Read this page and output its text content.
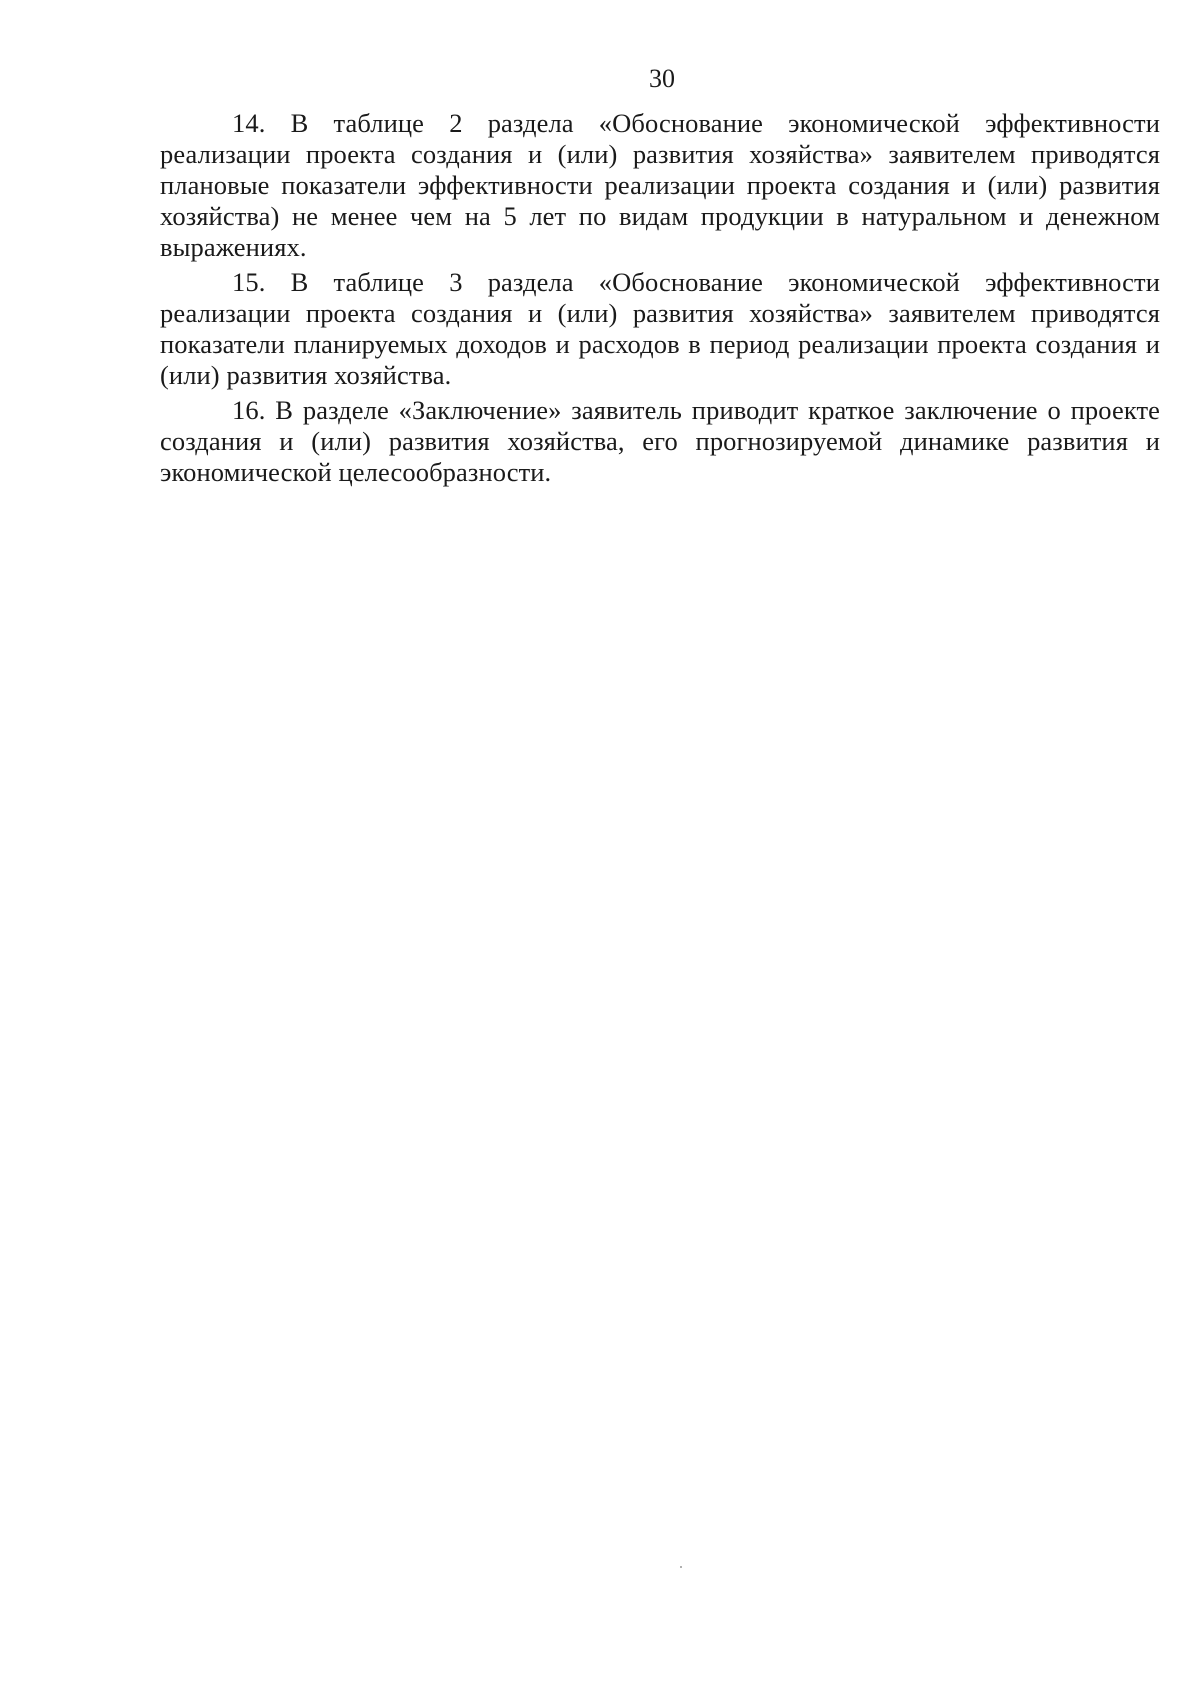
30

14. В таблице 2 раздела «Обоснование экономической эффективности реализации проекта создания и (или) развития хозяйства» заявителем приводятся плановые показатели эффективности реализации проекта создания и (или) развития хозяйства) не менее чем на 5 лет по видам продукции в натуральном и денежном выражениях.

15. В таблице 3 раздела «Обоснование экономической эффективности реализации проекта создания и (или) развития хозяйства» заявителем приводятся показатели планируемых доходов и расходов в период реализации проекта создания и (или) развития хозяйства.

16. В разделе «Заключение» заявитель приводит краткое заключение о проекте создания и (или) развития хозяйства, его прогнозируемой динамике развития и экономической целесообразности.
